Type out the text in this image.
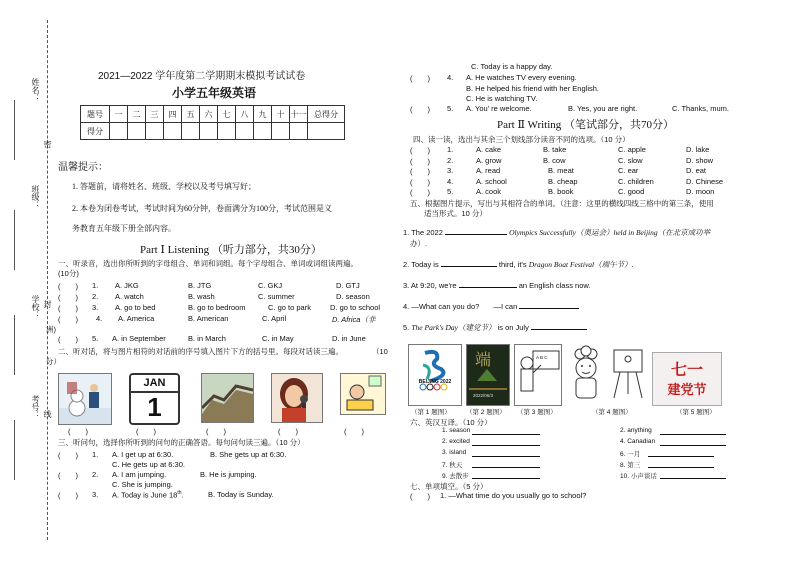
姓名：
班级：
学校：
考号：
密
封
线
2021—2022 学年度第二学期期末模拟考试试卷
小学五年级英语
题号	一	二	三	四	五	六	七	八	九	十	十一	总得分
得分												
温馨提示：
1. 答题前，请将姓名、班级、学校以及考号填写好；
2. 本卷为闭卷考试，考试时间为60分钟，卷面满分为100分，考试范围是义
务教育五年级下册全部内容。
Part Ⅰ Listening （听力部分，共30分）
一、听录音，选出你所听到的字母组合、单词和词组。每个字母组合、单词或词组读两遍。
(10分)
(　　) 1. A. JKG	B. JTG	C. GKJ	D. GTJ
(　　) 2. A. watch	B. wash	C. summer	D. season
(　　) 3. A. go to bed	B. go to bedroom	C. go to park	D. go to school
(　　) 4. A. America	B. American	C. April	D. Africa（非
洲)
(　　) 5. A. in September	B. in March	C. in May	D. in June
二、听对话，将与图片相符的对话前的序号填入图片下方的括号里。每段对话读三遍。	（10
分）
JAN
1
(　　)	(　　)	(　　)	(　　)	(　　)
三、听问句，选择你所听到的问句的正确答语。每句问句读三遍。（10 分）
(　　) 1. A. I get up at 6:30.	B. She gets up at 6:30.
C. He gets up at 6:30.
(　　) 2. A. I am jumping.	B. He is jumping.
C. She is jumping.
(　　) 3. A. Today is June 18th.	B. Today is Sunday.
C. Today is a happy day.
(　　) 4. A. He watches TV every evening.
B. He helped his friend with her English.
C. He is watching TV.
(　　) 5. A. You’ re welcome.	B. Yes, you are right.	C. Thanks, mum.
Part Ⅱ Writing （笔试部分，共70分）
四、读一读，选出与其余三个划线部分读音不同的选项。（10 分）
(　　) 1.	A. cake	B. take	C. apple	D. lake
(　　) 2.	A. grow	B. cow	C. slow	D. show
(　　) 3.	A. read	B. meat	C. ear	D. eat
(　　) 4.	A. school	B. cheap	C. children	D. Chinese
(　　) 5.	A. cook	B. book	C. good	D. moon
五、根据图片提示，写出与其相符合的单词。（注意：这里的横线四线三格中的第三条，使用
适当形式。10 分）
1. The 2022	Olympics Successfully（奥运会）held in Beijing（在北京成功举
办）.
2. Today is	third, it's Dragon Boat Festival（端午节）.
3. At 9:20, we're	an English class now.
4. —What can you do? —I can
5. The Park's Day（建党节） is on July
BEIJING 2022
端
2022/06/3
A B C
七一
建党节
（第 1 题图） （第 2 题图） （第 3 题图）	（第 4 题图）	（第 5 题图）
六、英汉互译。（10 分）
1. season
2. excited
3. island
7. 秋天
9. 去散步
2. anything
4. Canadian
6. 一月
8. 第三
10. 小声谈话
七、单项填空。（5 分）
(　　) 1. —What time do you usually go to school?
